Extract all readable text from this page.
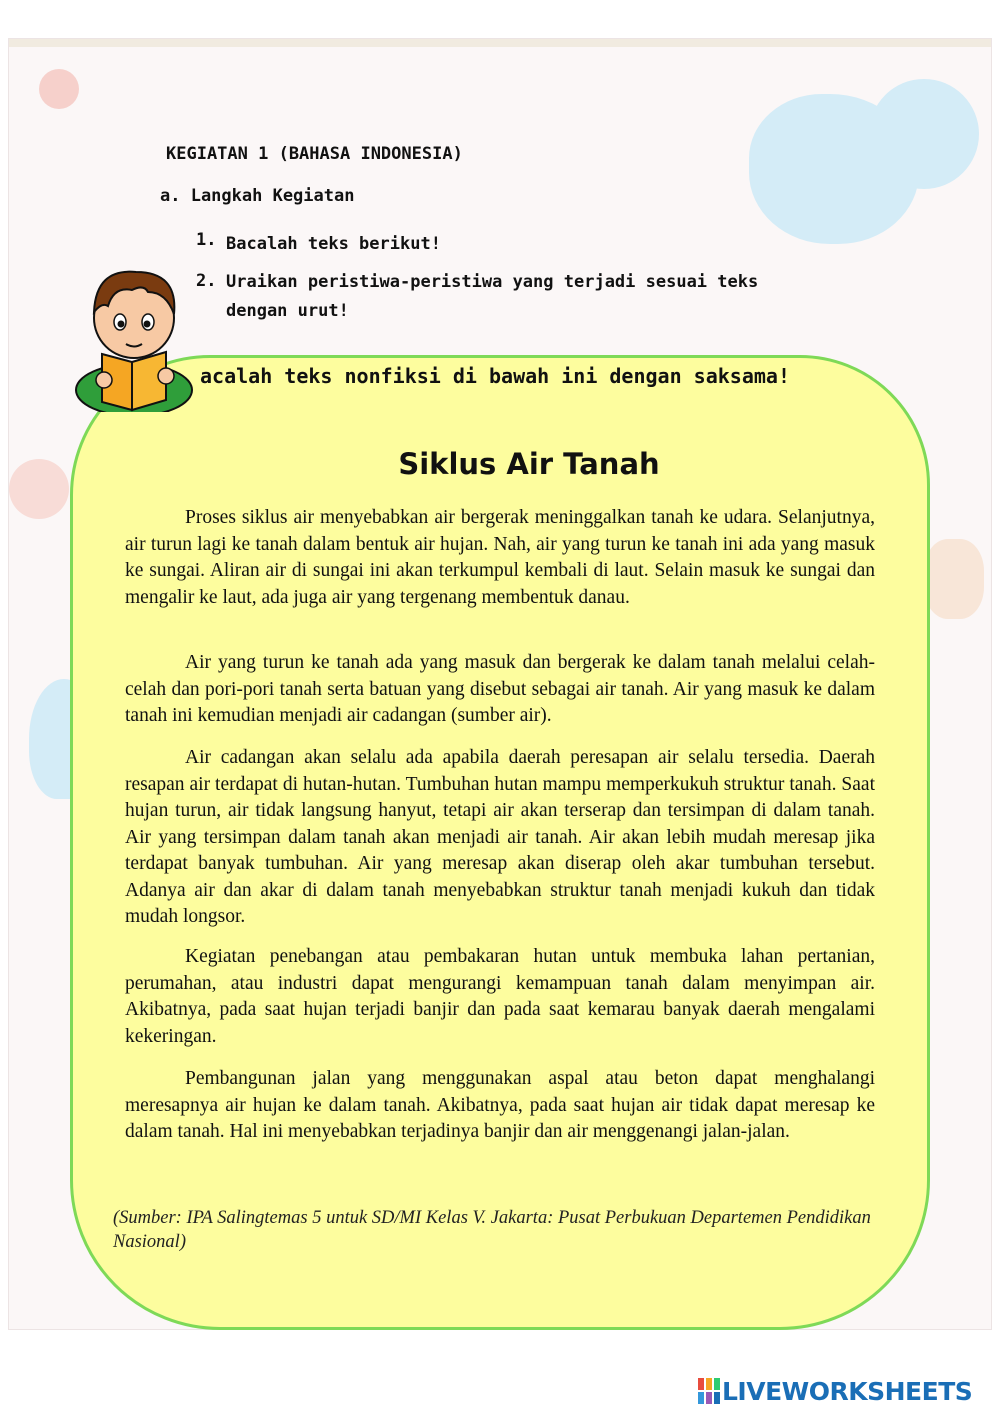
KEGIATAN 1 (BAHASA INDONESIA)
a. Langkah Kegiatan
1. Bacalah teks berikut!
2. Uraikan peristiwa-peristiwa yang terjadi sesuai teks dengan urut!
acalah teks nonfiksi di bawah ini dengan saksama!
Siklus Air Tanah

Proses siklus air menyebabkan air bergerak meninggalkan tanah ke udara. Selanjutnya, air turun lagi ke tanah dalam bentuk air hujan. Nah, air yang turun ke tanah ini ada yang masuk ke sungai. Aliran air di sungai ini akan terkumpul kembali di laut. Selain masuk ke sungai dan mengalir ke laut, ada juga air yang tergenang membentuk danau.

Air yang turun ke tanah ada yang masuk dan bergerak ke dalam tanah melalui celah-celah dan pori-pori tanah serta batuan yang disebut sebagai air tanah. Air yang masuk ke dalam tanah ini kemudian menjadi air cadangan (sumber air).

Air cadangan akan selalu ada apabila daerah peresapan air selalu tersedia. Daerah resapan air terdapat di hutan-hutan. Tumbuhan hutan mampu memperkukuh struktur tanah. Saat hujan turun, air tidak langsung hanyut, tetapi air akan terserap dan tersimpan di dalam tanah. Air yang tersimpan dalam tanah akan menjadi air tanah. Air akan lebih mudah meresap jika terdapat banyak tumbuhan. Air yang meresap akan diserap oleh akar tumbuhan tersebut. Adanya air dan akar di dalam tanah menyebabkan struktur tanah menjadi kukuh dan tidak mudah longsor.

Kegiatan penebangan atau pembakaran hutan untuk membuka lahan pertanian, perumahan, atau industri dapat mengurangi kemampuan tanah dalam menyimpan air. Akibatnya, pada saat hujan terjadi banjir dan pada saat kemarau banyak daerah mengalami kekeringan.

Pembangunan jalan yang menggunakan aspal atau beton dapat menghalangi meresapnya air hujan ke dalam tanah. Akibatnya, pada saat hujan air tidak dapat meresap ke dalam tanah. Hal ini menyebabkan terjadinya banjir dan air menggenangi jalan-jalan.

(Sumber: IPA Salingtemas 5 untuk SD/MI Kelas V. Jakarta: Pusat Perbukuan Departemen Pendidikan Nasional)

LIVEWORKSHEETS
